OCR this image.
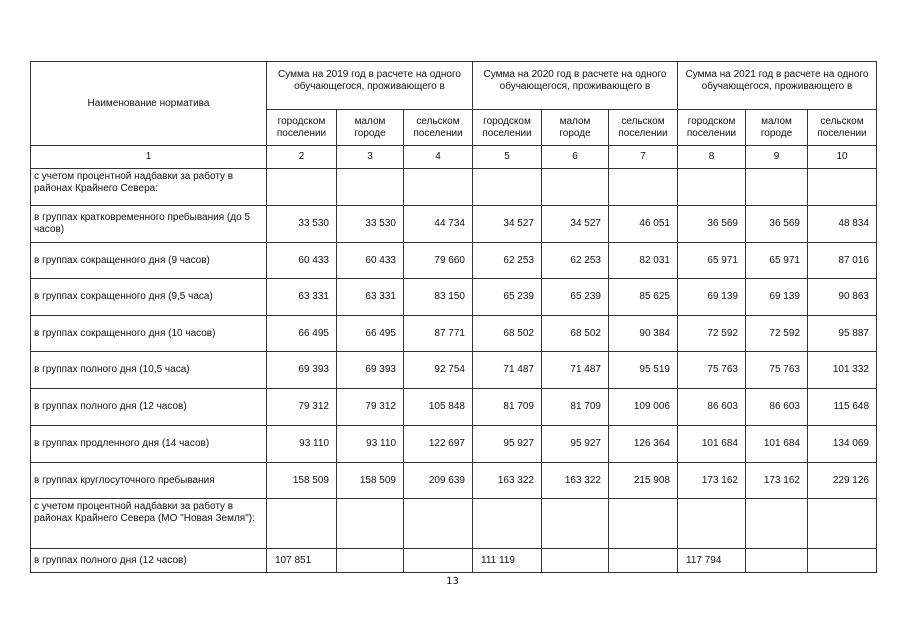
Наименование норматива	Сумма на 2019 год в расчете на одного обучающегося, проживающего в			Сумма на 2020 год в расчете на одного обучающегося, проживающего в			Сумма на 2021 год в расчете на одного обучающегося, проживающего в		
	городском поселении	малом городе	сельском поселении	городском поселении	малом городе	сельском поселении	городском поселении	малом городе	сельском поселении
1	2	3	4	5	6	7	8	9	10
с учетом процентной надбавки за работу в районах Крайнего Севера:									
в группах кратковременного пребывания (до 5 часов)	33 530	33 530	44 734	34 527	34 527	46 051	36 569	36 569	48 834
в группах сокращенного дня (9 часов)	60 433	60 433	79 660	62 253	62 253	82 031	65 971	65 971	87 016
в группах сокращенного дня (9,5 часа)	63 331	63 331	83 150	65 239	65 239	85 625	69 139	69 139	90 863
в группах сокращенного дня (10 часов)	66 495	66 495	87 771	68 502	68 502	90 384	72 592	72 592	95 887
в группах полного дня (10,5 часа)	69 393	69 393	92 754	71 487	71 487	95 519	75 763	75 763	101 332
в группах полного дня (12 часов)	79 312	79 312	105 848	81 709	81 709	109 006	86 603	86 603	115 648
в группах продленного дня (14 часов)	93 110	93 110	122 697	95 927	95 927	126 364	101 684	101 684	134 069
в группах круглосуточного пребывания	158 509	158 509	209 639	163 322	163 322	215 908	173 162	173 162	229 126
с учетом процентной надбавки за работу в районах Крайнего Севера (МО "Новая Земля"):									
в группах полного дня (12 часов)	107 851			111 119			117 794		
13
